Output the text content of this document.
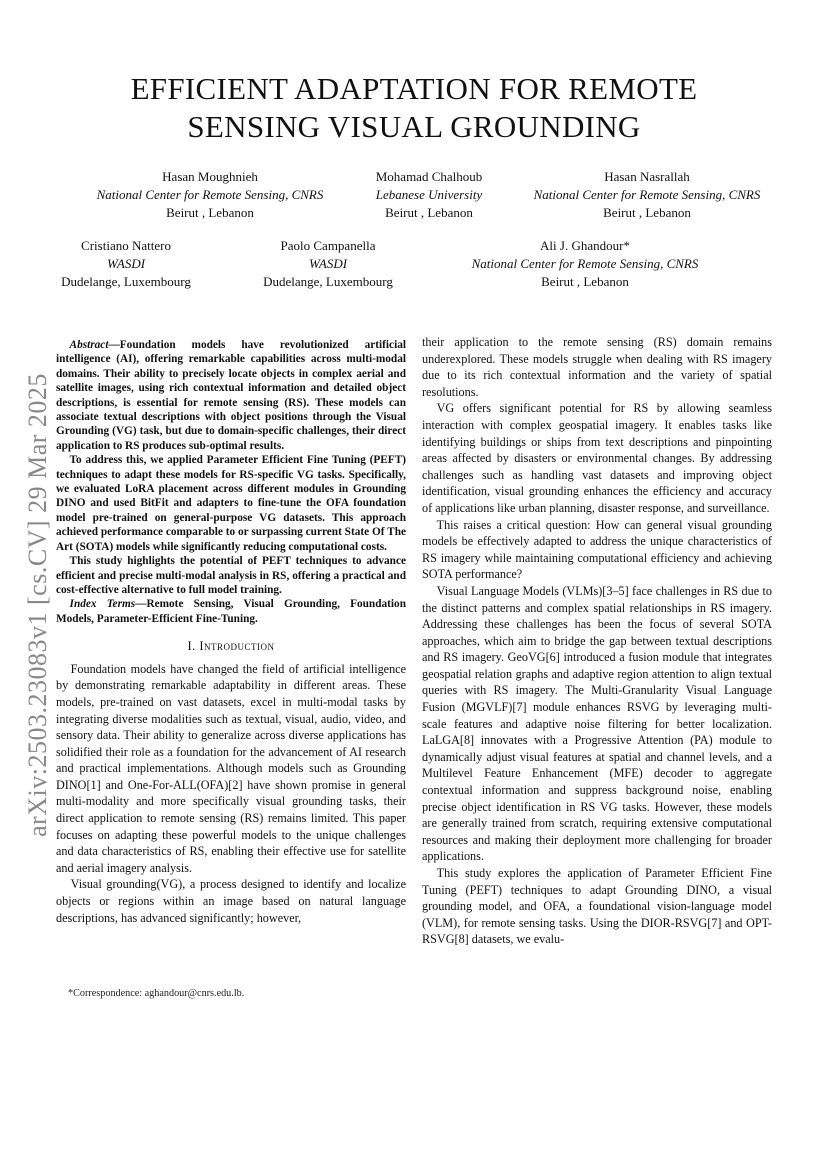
arXiv:2503.23083v1 [cs.CV] 29 Mar 2025
EFFICIENT ADAPTATION FOR REMOTE
SENSING VISUAL GROUNDING
Hasan Moughnieh
National Center for Remote Sensing, CNRS
Beirut , Lebanon
Mohamad Chalhoub
Lebanese University
Beirut , Lebanon
Hasan Nasrallah
National Center for Remote Sensing, CNRS
Beirut , Lebanon
Cristiano Nattero
WASDI
Dudelange, Luxembourg
Paolo Campanella
WASDI
Dudelange, Luxembourg
Ali J. Ghandour*
National Center for Remote Sensing, CNRS
Beirut , Lebanon

Abstract—Foundation models have revolutionized artificial intelligence (AI), offering remarkable capabilities across multi-modal domains. Their ability to precisely locate objects in complex aerial and satellite images, using rich contextual information and detailed object descriptions, is essential for remote sensing (RS). These models can associate textual descriptions with object positions through the Visual Grounding (VG) task, but due to domain-specific challenges, their direct application to RS produces sub-optimal results.

To address this, we applied Parameter Efficient Fine Tuning (PEFT) techniques to adapt these models for RS-specific VG tasks. Specifically, we evaluated LoRA placement across different modules in Grounding DINO and used BitFit and adapters to fine-tune the OFA foundation model pre-trained on general-purpose VG datasets. This approach achieved performance comparable to or surpassing current State Of The Art (SOTA) models while significantly reducing computational costs.

This study highlights the potential of PEFT techniques to advance efficient and precise multi-modal analysis in RS, offering a practical and cost-effective alternative to full model training.

Index Terms—Remote Sensing, Visual Grounding, Foundation Models, Parameter-Efficient Fine-Tuning.

I. Introduction

Foundation models have changed the field of artificial intelligence by demonstrating remarkable adaptability in different areas. These models, pre-trained on vast datasets, excel in multi-modal tasks by integrating diverse modalities such as textual, visual, audio, video, and sensory data. Their ability to generalize across diverse applications has solidified their role as a foundation for the advancement of AI research and practical implementations. Although models such as Grounding DINO[1] and One-For-ALL(OFA)[2] have shown promise in general multi-modality and more specifically visual grounding tasks, their direct application to remote sensing (RS) remains limited. This paper focuses on adapting these powerful models to the unique challenges and data characteristics of RS, enabling their effective use for satellite and aerial imagery analysis.

Visual grounding(VG), a process designed to identify and localize objects or regions within an image based on natural language descriptions, has advanced significantly; however,

*Correspondence: aghandour@cnrs.edu.lb.

their application to the remote sensing (RS) domain remains underexplored. These models struggle when dealing with RS imagery due to its rich contextual information and the variety of spatial resolutions.

VG offers significant potential for RS by allowing seamless interaction with complex geospatial imagery. It enables tasks like identifying buildings or ships from text descriptions and pinpointing areas affected by disasters or environmental changes. By addressing challenges such as handling vast datasets and improving object identification, visual grounding enhances the efficiency and accuracy of applications like urban planning, disaster response, and surveillance.

This raises a critical question: How can general visual grounding models be effectively adapted to address the unique characteristics of RS imagery while maintaining computational efficiency and achieving SOTA performance?

Visual Language Models (VLMs)[3–5] face challenges in RS due to the distinct patterns and complex spatial relationships in RS imagery. Addressing these challenges has been the focus of several SOTA approaches, which aim to bridge the gap between textual descriptions and RS imagery. GeoVG[6] introduced a fusion module that integrates geospatial relation graphs and adaptive region attention to align textual queries with RS imagery. The Multi-Granularity Visual Language Fusion (MGVLF)[7] module enhances RSVG by leveraging multi-scale features and adaptive noise filtering for better localization. LaLGA[8] innovates with a Progressive Attention (PA) module to dynamically adjust visual features at spatial and channel levels, and a Multilevel Feature Enhancement (MFE) decoder to aggregate contextual information and suppress background noise, enabling precise object identification in RS VG tasks. However, these models are generally trained from scratch, requiring extensive computational resources and making their deployment more challenging for broader applications.

This study explores the application of Parameter Efficient Fine Tuning (PEFT) techniques to adapt Grounding DINO, a visual grounding model, and OFA, a foundational vision-language model (VLM), for remote sensing tasks. Using the DIOR-RSVG[7] and OPT-RSVG[8] datasets, we evalu-
